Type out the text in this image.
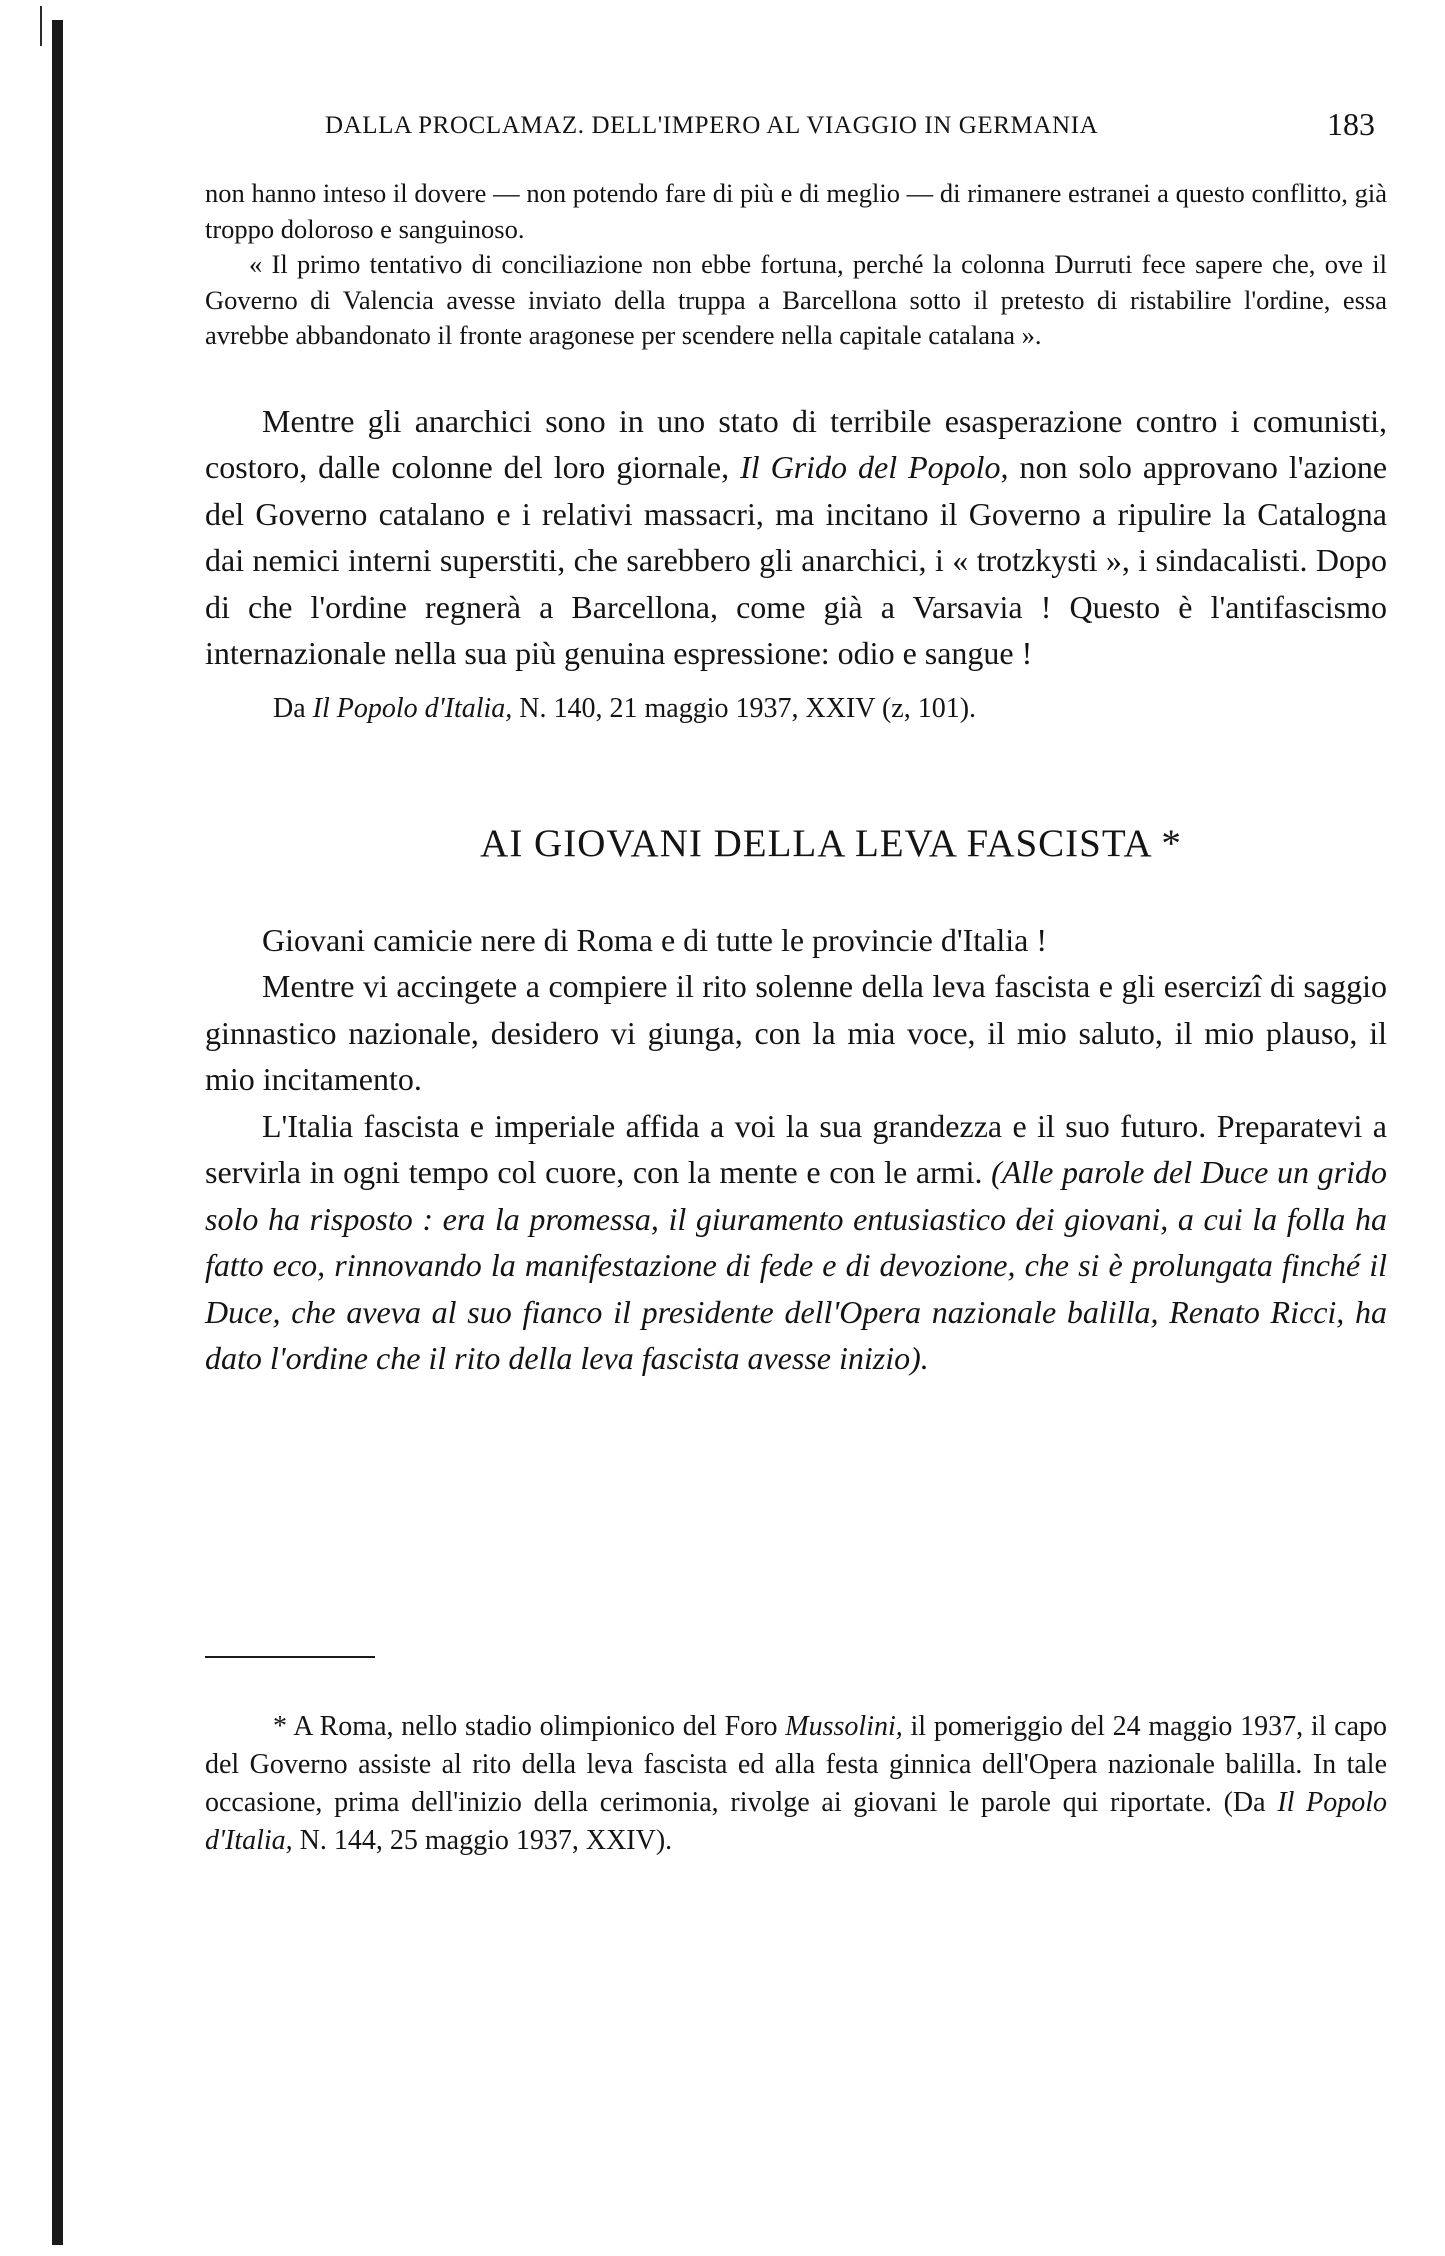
DALLA PROCLAMAZ. DELL'IMPERO AL VIAGGIO IN GERMANIA	183

non hanno inteso il dovere — non potendo fare di più e di meglio — di rimanere estranei a questo conflitto, già troppo doloroso e sanguinoso.

« Il primo tentativo di conciliazione non ebbe fortuna, perché la colonna Durruti fece sapere che, ove il Governo di Valencia avesse inviato della truppa a Barcellona sotto il pretesto di ristabilire l'ordine, essa avrebbe abbandonato il fronte aragonese per scendere nella capitale catalana ».

Mentre gli anarchici sono in uno stato di terribile esasperazione contro i comunisti, costoro, dalle colonne del loro giornale, Il Grido del Popolo, non solo approvano l'azione del Governo catalano e i relativi massacri, ma incitano il Governo a ripulire la Catalogna dai nemici interni superstiti, che sarebbero gli anarchici, i « trotzkysti », i sindacalisti. Dopo di che l'ordine regnerà a Barcellona, come già a Varsavia ! Questo è l'antifascismo internazionale nella sua più genuina espressione: odio e sangue !

Da Il Popolo d'Italia, N. 140, 21 maggio 1937, XXIV (z, 101).
AI GIOVANI DELLA LEVA FASCISTA *

Giovani camicie nere di Roma e di tutte le provincie d'Italia !

Mentre vi accingete a compiere il rito solenne della leva fascista e gli esercizî di saggio ginnastico nazionale, desidero vi giunga, con la mia voce, il mio saluto, il mio plauso, il mio incitamento.

L'Italia fascista e imperiale affida a voi la sua grandezza e il suo futuro. Preparatevi a servirla in ogni tempo col cuore, con la mente e con le armi. (Alle parole del Duce un grido solo ha risposto : era la promessa, il giuramento entusiastico dei giovani, a cui la folla ha fatto eco, rinnovando la manifestazione di fede e di devozione, che si è prolungata finché il Duce, che aveva al suo fianco il presidente dell'Opera nazionale balilla, Renato Ricci, ha dato l'ordine che il rito della leva fascista avesse inizio).

* A Roma, nello stadio olimpionico del Foro Mussolini, il pomeriggio del 24 maggio 1937, il capo del Governo assiste al rito della leva fascista ed alla festa ginnica dell'Opera nazionale balilla. In tale occasione, prima dell'inizio della cerimonia, rivolge ai giovani le parole qui riportate. (Da Il Popolo d'Italia, N. 144, 25 maggio 1937, XXIV).
